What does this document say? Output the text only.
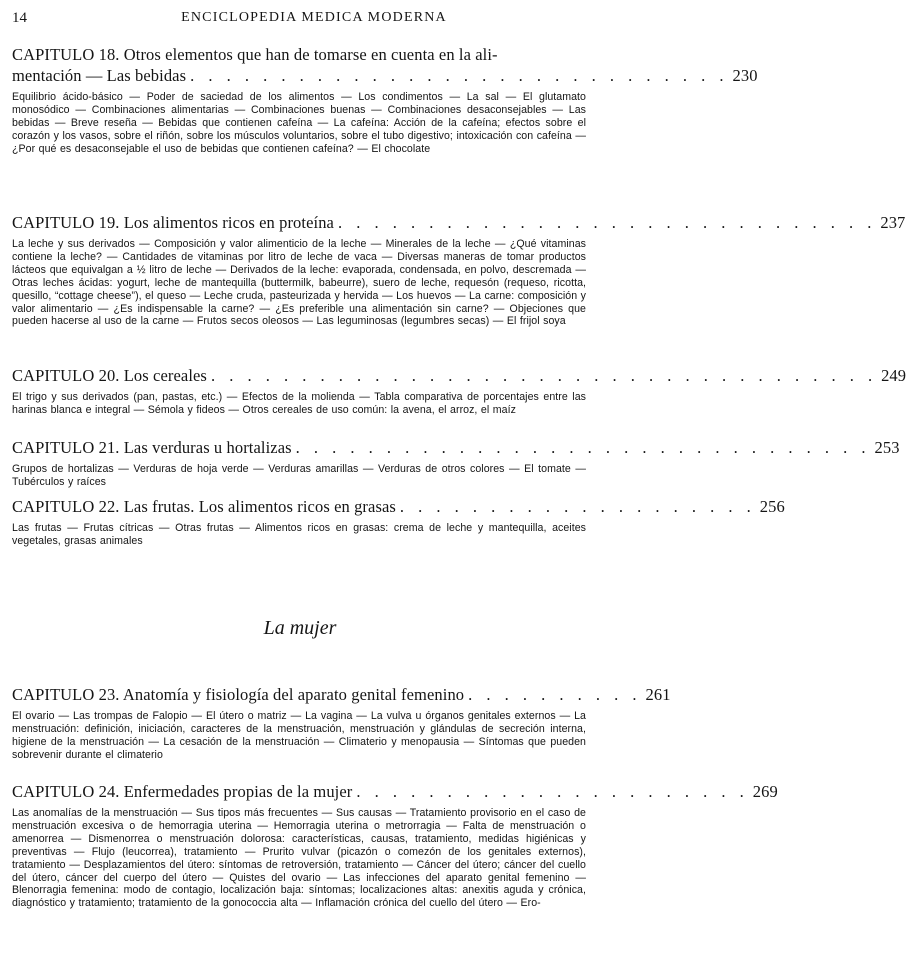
14	ENCICLOPEDIA MEDICA MODERNA
CAPITULO 18. Otros elementos que han de tomarse en cuenta en la ali-
mentación — Las bebidas . . . . . . . . . . . . . . . . . . . . . . . . . . . . . . 230
Equilibrio ácido-básico — Poder de saciedad de los alimentos — Los condimentos — La sal — El glutamato monosódico — Combinaciones alimentarias — Combinaciones buenas — Combinaciones desaconsejables — Las bebidas — Breve reseña — Bebidas que contienen cafeína — La cafeína: Acción de la cafeína; efectos sobre el corazón y los vasos, sobre el riñón, sobre los músculos voluntarios, sobre el tubo digestivo; intoxicación con cafeína — ¿Por qué es desaconsejable el uso de bebidas que contienen cafeína? — El chocolate
CAPITULO 19. Los alimentos ricos en proteína . . . . . . . . . . . . . . . . . . . . . . . . . . . . . . 237
La leche y sus derivados — Composición y valor alimenticio de la leche — Minerales de la leche — ¿Qué vitaminas contiene la leche? — Cantidades de vitaminas por litro de leche de vaca — Diversas maneras de tomar productos lácteos que equivalgan a ½ litro de leche — Derivados de la leche: evaporada, condensada, en polvo, descremada — Otras leches ácidas: yogurt, leche de mantequilla (buttermilk, babeurre), suero de leche, requesón (requeso, ricotta, quesillo, “cottage cheese”), el queso — Leche cruda, pasteurizada y hervida — Los huevos — La carne: composición y valor alimentario — ¿Es indispensable la carne? — ¿Es preferible una alimentación sin carne? — Objeciones que pueden hacerse al uso de la carne — Frutos secos oleosos — Las leguminosas (legumbres secas) — El frijol soya
CAPITULO 20. Los cereales . . . . . . . . . . . . . . . . . . . . . . . . . . . . . . . . . . . . . 249
El trigo y sus derivados (pan, pastas, etc.) — Efectos de la molienda — Tabla comparativa de porcentajes entre las harinas blanca e integral — Sémola y fideos — Otros cereales de uso común: la avena, el arroz, el maíz
CAPITULO 21. Las verduras u hortalizas . . . . . . . . . . . . . . . . . . . . . . . . . . . . . . . . 253
Grupos de hortalizas — Verduras de hoja verde — Verduras amarillas — Verduras de otros colores — El tomate — Tubérculos y raíces
CAPITULO 22. Las frutas. Los alimentos ricos en grasas . . . . . . . . . . . . . . . . . . . . 256
Las frutas — Frutas cítricas — Otras frutas — Alimentos ricos en grasas: crema de leche y mantequilla, aceites vegetales, grasas animales
La mujer
CAPITULO 23. Anatomía y fisiología del aparato genital femenino . . . . . . . . . . 261
El ovario — Las trompas de Falopio — El útero o matriz — La vagina — La vulva u órganos genitales externos — La menstruación: definición, iniciación, caracteres de la menstruación, menstruación y glándulas de secreción interna, higiene de la menstruación — La cesación de la menstruación — Climaterio y menopausia — Síntomas que pueden sobrevenir durante el climaterio
CAPITULO 24. Enfermedades propias de la mujer . . . . . . . . . . . . . . . . . . . . . . 269
Las anomalías de la menstruación — Sus tipos más frecuentes — Sus causas — Tratamiento provisorio en el caso de menstruación excesiva o de hemorragia uterina — Hemorragia uterina o metrorragia — Falta de menstruación o amenorrea — Dismenorrea o menstruación dolorosa: características, causas, tratamiento, medidas higiénicas y preventivas — Flujo (leucorrea), tratamiento — Prurito vulvar (picazón o comezón de los genitales externos), tratamiento — Desplazamientos del útero: síntomas de retroversión, tratamiento — Cáncer del útero; cáncer del cuello del útero, cáncer del cuerpo del útero — Quistes del ovario — Las infecciones del aparato genital femenino — Blenorragia femenina: modo de contagio, localización baja: síntomas; localizaciones altas: anexitis aguda y crónica, diagnóstico y tratamiento; tratamiento de la gonococcia alta — Inflamación crónica del cuello del útero — Ero-
